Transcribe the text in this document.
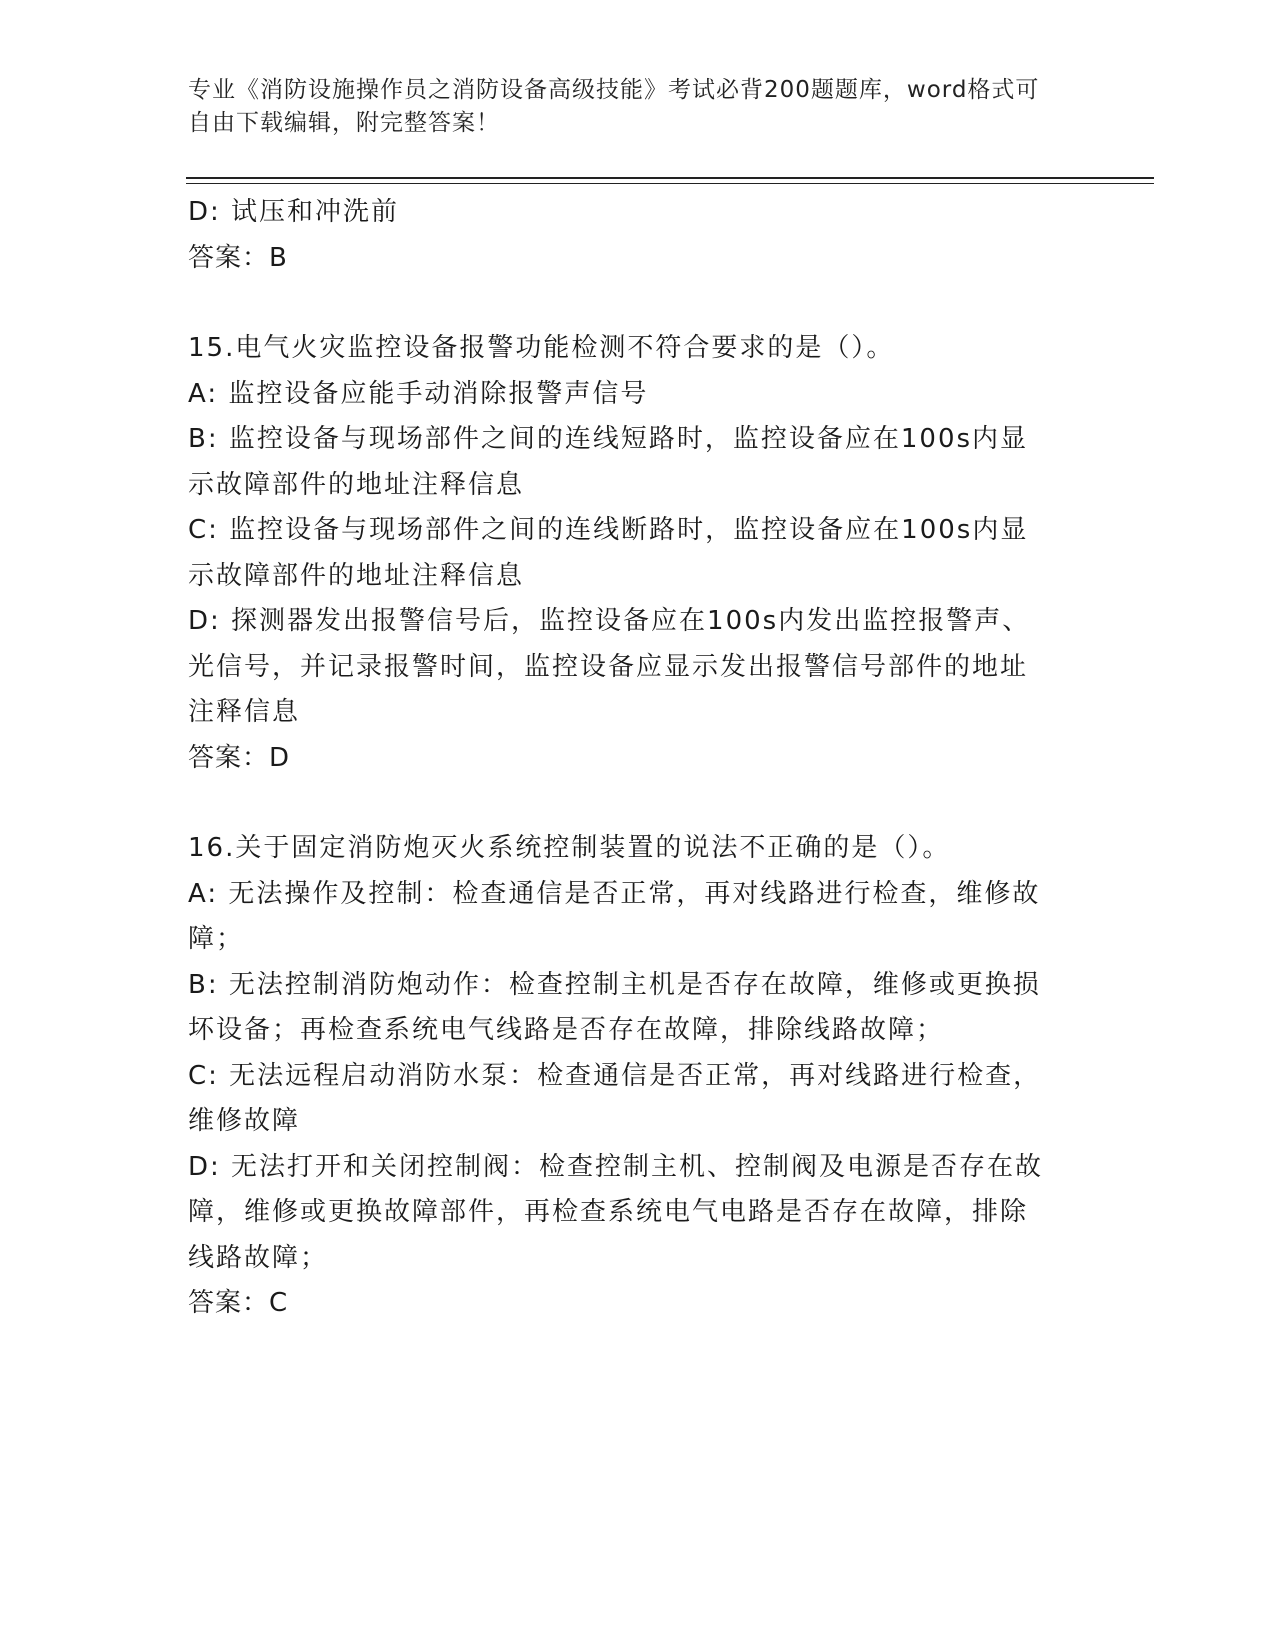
专业《消防设施操作员之消防设备高级技能》考试必背200题题库，word格式可
自由下载编辑，附完整答案！

D: 试压和冲洗前

答案：B

15.电气火灾监控设备报警功能检测不符合要求的是（）。

A: 监控设备应能手动消除报警声信号

B: 监控设备与现场部件之间的连线短路时，监控设备应在100s内显

示故障部件的地址注释信息

C: 监控设备与现场部件之间的连线断路时，监控设备应在100s内显

示故障部件的地址注释信息

D: 探测器发出报警信号后，监控设备应在100s内发出监控报警声、

光信号，并记录报警时间，监控设备应显示发出报警信号部件的地址

注释信息

答案：D

16.关于固定消防炮灭火系统控制装置的说法不正确的是（）。

A: 无法操作及控制：检查通信是否正常，再对线路进行检查，维修故

障；

B: 无法控制消防炮动作：检查控制主机是否存在故障，维修或更换损

坏设备；再检查系统电气线路是否存在故障，排除线路故障；

C: 无法远程启动消防水泵：检查通信是否正常，再对线路进行检查，

维修故障

D: 无法打开和关闭控制阀：检查控制主机、控制阀及电源是否存在故

障，维修或更换故障部件，再检查系统电气电路是否存在故障，排除

线路故障；

答案：C
